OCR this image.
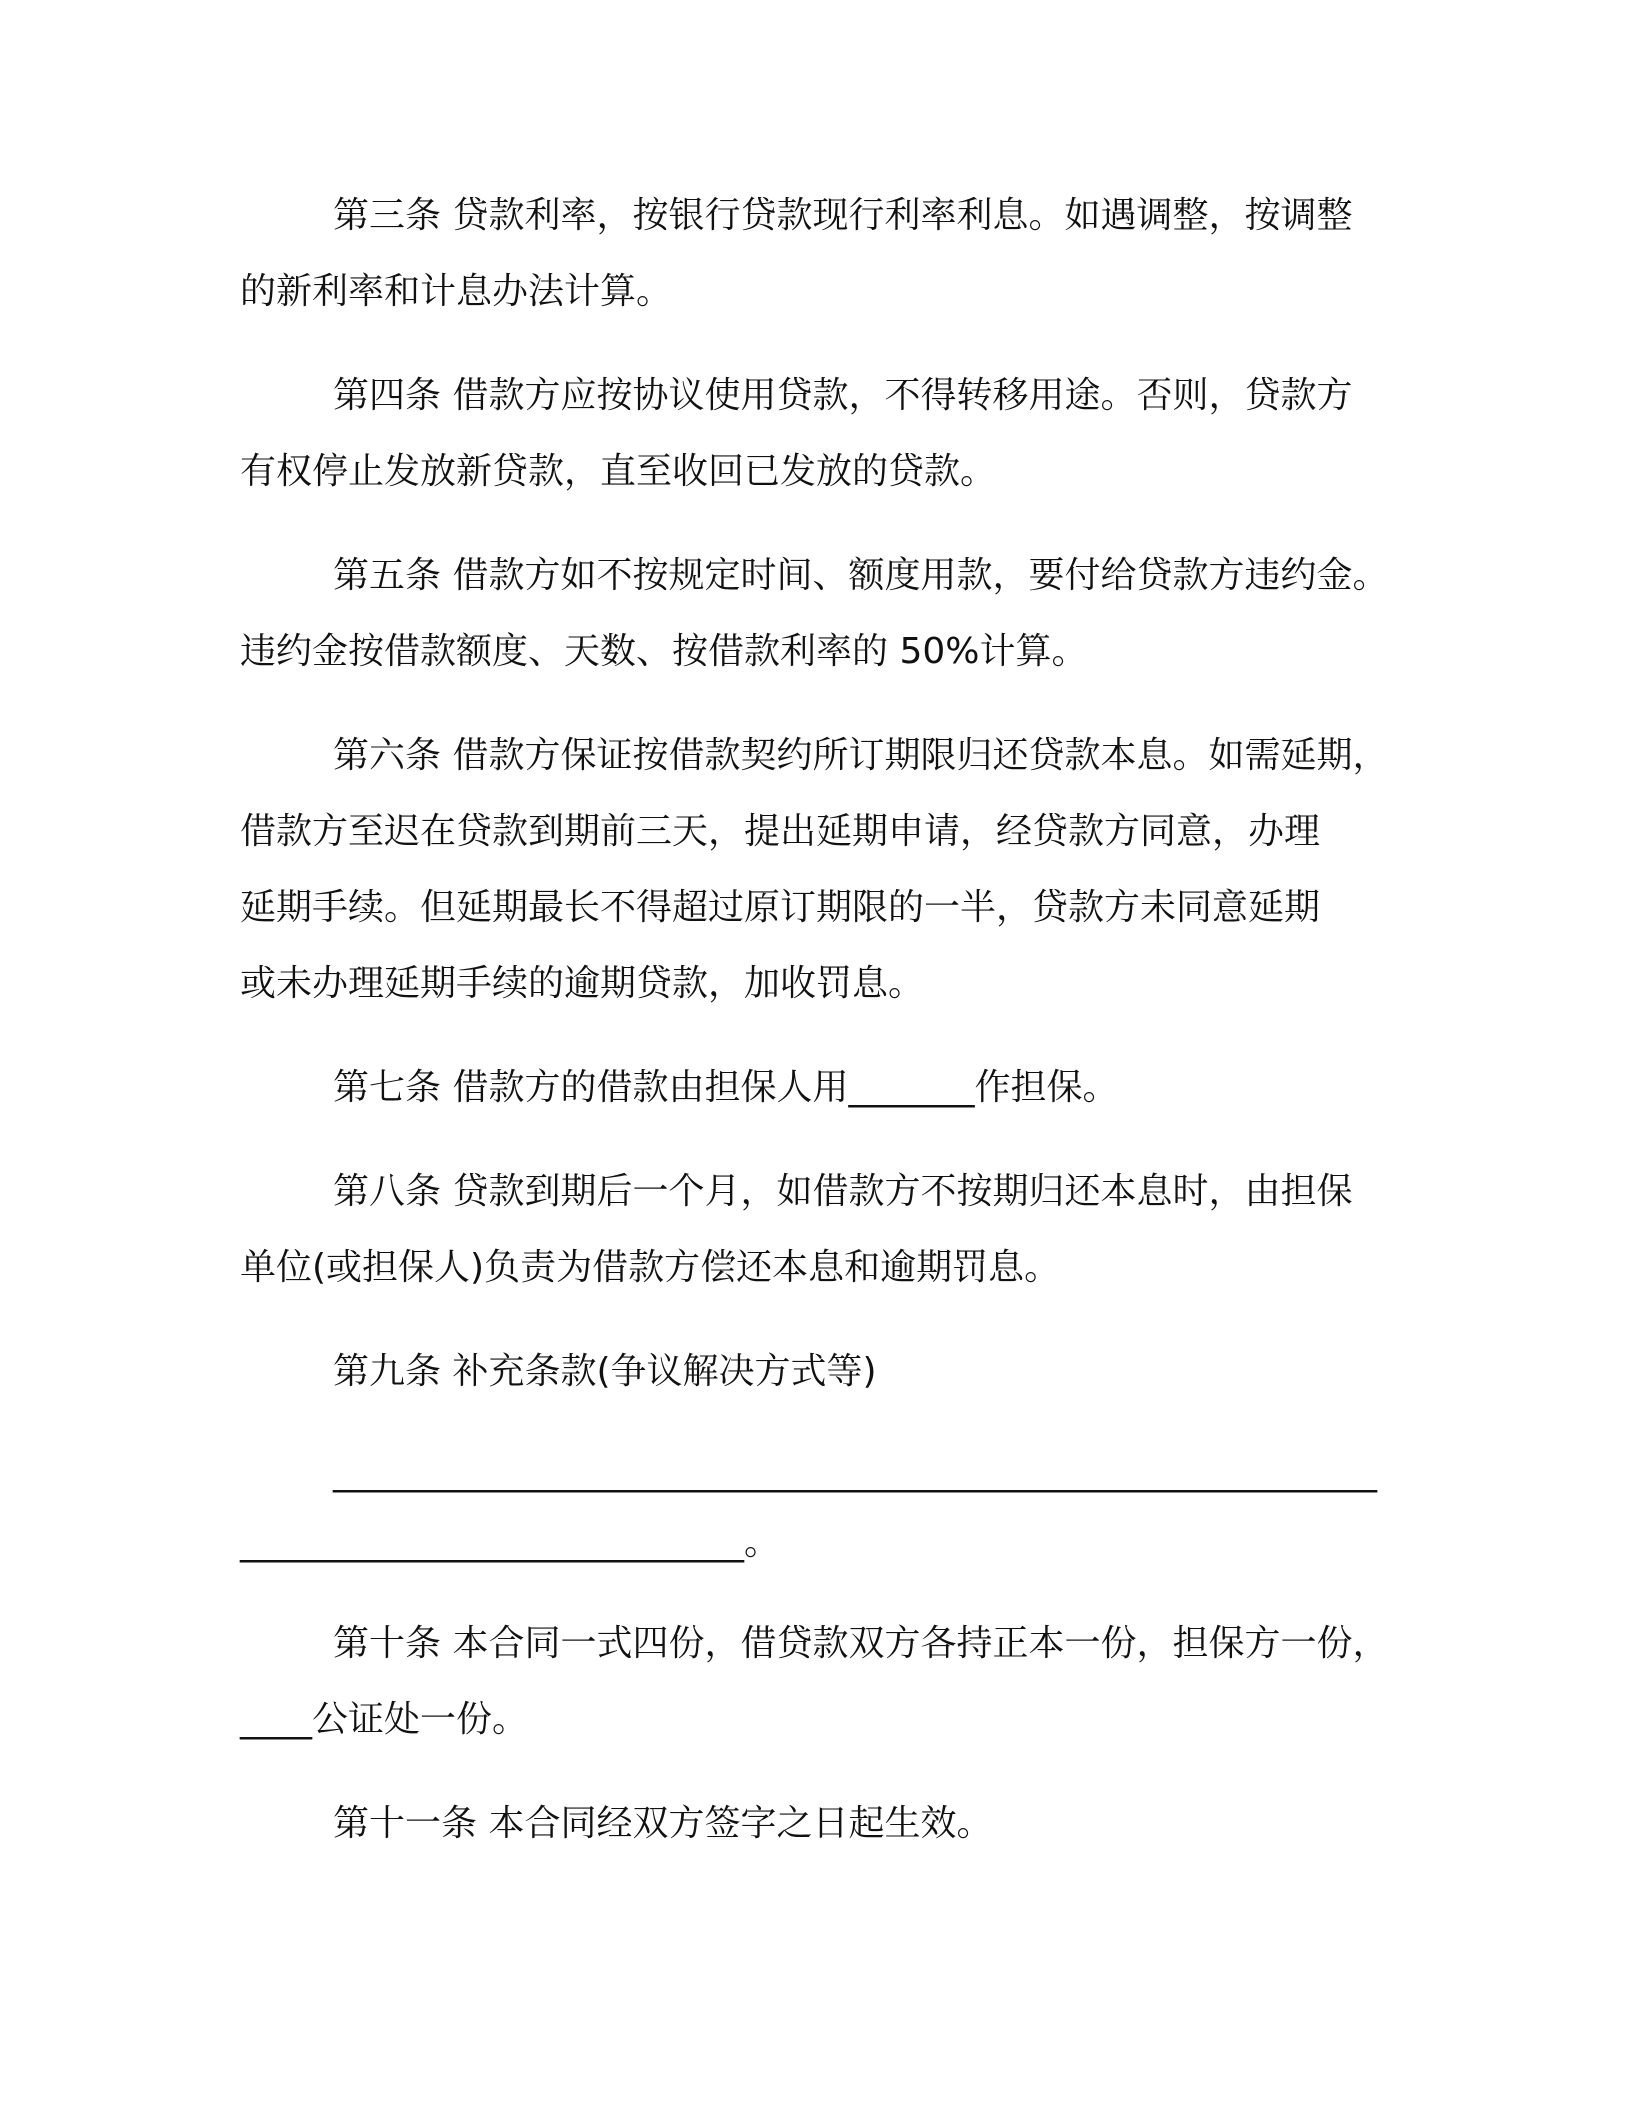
第三条 贷款利率，按银行贷款现行利率利息。如遇调整，按调整
的新利率和计息办法计算。

第四条 借款方应按协议使用贷款，不得转移用途。否则，贷款方
有权停止发放新贷款，直至收回已发放的贷款。

第五条 借款方如不按规定时间、额度用款，要付给贷款方违约金。
违约金按借款额度、天数、按借款利率的 50%计算。

第六条 借款方保证按借款契约所订期限归还贷款本息。如需延期，
借款方至迟在贷款到期前三天，提出延期申请，经贷款方同意，办理
延期手续。但延期最长不得超过原订期限的一半，贷款方未同意延期
或未办理延期手续的逾期贷款，加收罚息。

第七条 借款方的借款由担保人用_______作担保。

第八条 贷款到期后一个月，如借款方不按期归还本息时，由担保
单位(或担保人)负责为借款方偿还本息和逾期罚息。

第九条 补充条款(争议解决方式等)

__________________________________________________________
____________________________。

第十条 本合同一式四份，借贷款双方各持正本一份，担保方一份，
____公证处一份。

第十一条 本合同经双方签字之日起生效。
